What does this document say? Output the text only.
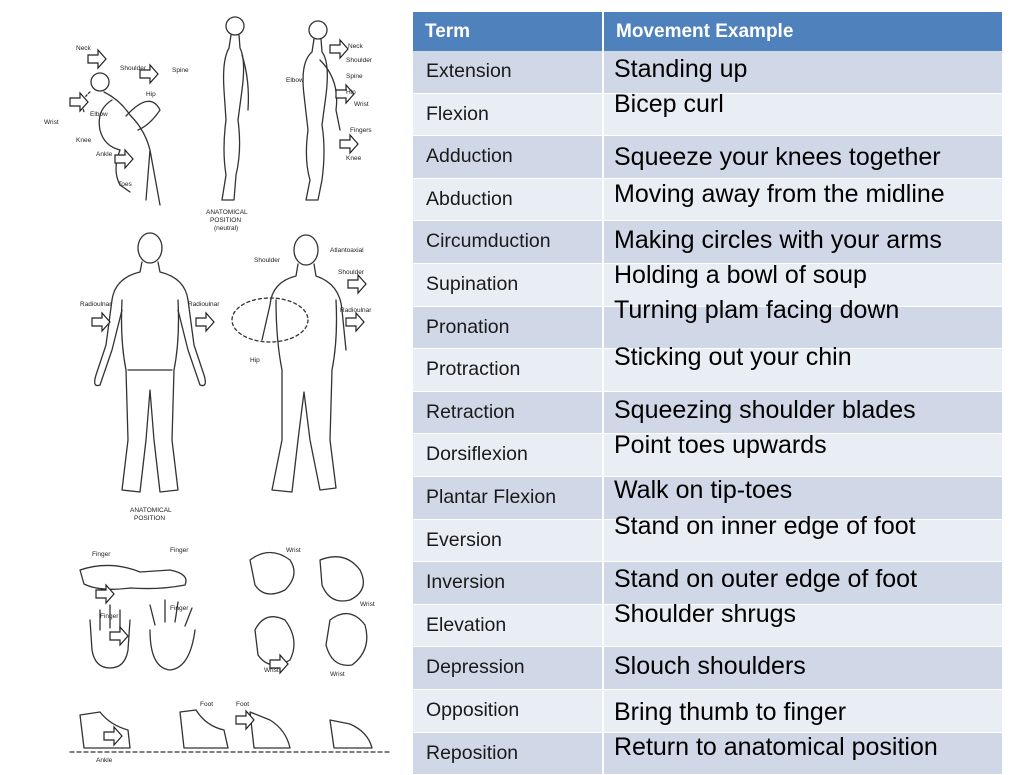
Neck
Shoulder	Spine
Hip
Wrist
Elbow
Knee
Ankle
Toes
ANATOMICAL
POSITION
(neutral)
Neck
Shoulder
Elbow
Spine
Wrist
Hip
Fingers
Knee
Radioulnar	Radioulnar
ANATOMICAL
POSITION
Shoulder
Atlantoaxial
Shoulder
Radioulnar
Hip
Finger
Finger	Wrist
Wrist
Finger
Finger
Wrist
Wrist
Foot	Foot
Ankle
Term	Movement Example

Extension	Standing up

Flexion	Bicep curl

Adduction	Squeeze your knees together

Abduction	Moving away from the midline

Circumduction	Making circles with your arms

Supination	Holding a bowl of soup

Pronation	Turning plam facing down

Protraction	Sticking out your chin

Retraction	Squeezing shoulder blades

Dorsiflexion	Point toes upwards

Plantar Flexion	Walk on tip-toes

Eversion	Stand on inner edge of foot

Inversion	Stand on outer edge of foot

Elevation	Shoulder shrugs

Depression	Slouch shoulders

Opposition	Bring thumb to finger

Reposition	Return to anatomical position
